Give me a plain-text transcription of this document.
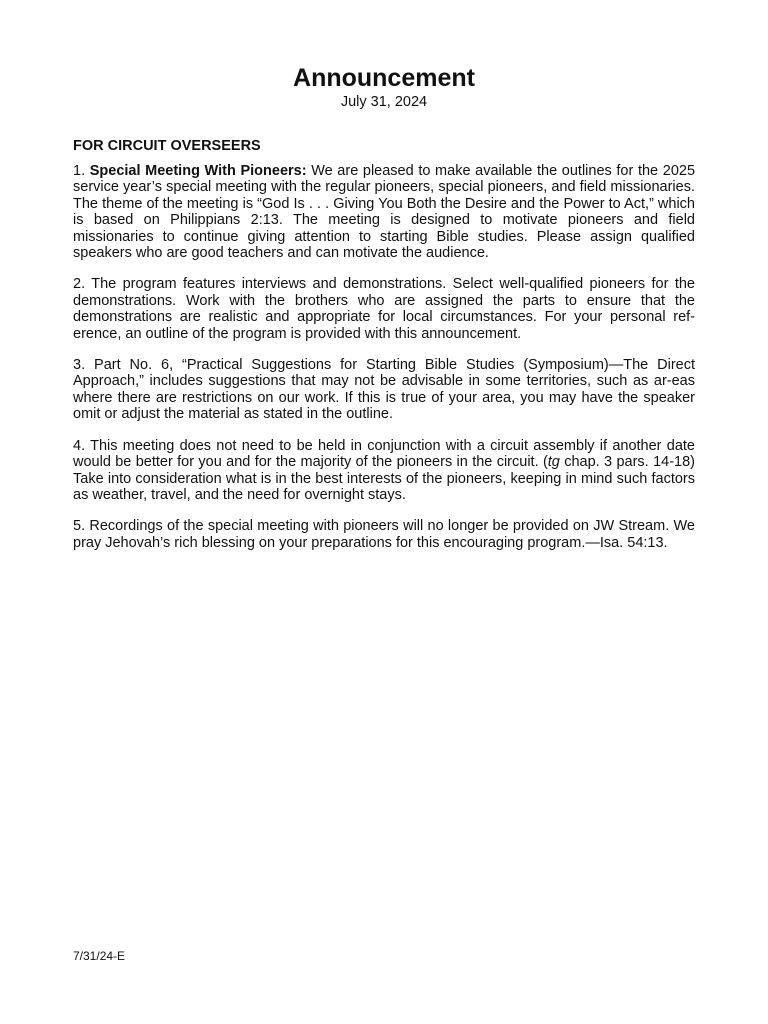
Announcement
July 31, 2024
FOR CIRCUIT OVERSEERS

1. Special Meeting With Pioneers: We are pleased to make available the outlines for the 2025 service year’s special meeting with the regular pioneers, special pioneers, and field missionaries. The theme of the meeting is “God Is . . . Giving You Both the Desire and the Power to Act,” which is based on Philippians 2:13. The meeting is designed to motivate pioneers and field missionaries to continue giving attention to starting Bible studies. Please assign qualified speakers who are good teachers and can motivate the audience.

2. The program features interviews and demonstrations. Select well-qualified pioneers for the demonstrations. Work with the brothers who are assigned the parts to ensure that the demonstrations are realistic and appropriate for local circumstances. For your personal ref-erence, an outline of the program is provided with this announcement.

3. Part No. 6, “Practical Suggestions for Starting Bible Studies (Symposium)—The Direct Approach,” includes suggestions that may not be advisable in some territories, such as ar-eas where there are restrictions on our work. If this is true of your area, you may have the speaker omit or adjust the material as stated in the outline.

4. This meeting does not need to be held in conjunction with a circuit assembly if another date would be better for you and for the majority of the pioneers in the circuit. (tg chap. 3 pars. 14-18) Take into consideration what is in the best interests of the pioneers, keeping in mind such factors as weather, travel, and the need for overnight stays.

5. Recordings of the special meeting with pioneers will no longer be provided on JW Stream. We pray Jehovah’s rich blessing on your preparations for this encouraging program.—Isa. 54:13.

7/31/24-E
